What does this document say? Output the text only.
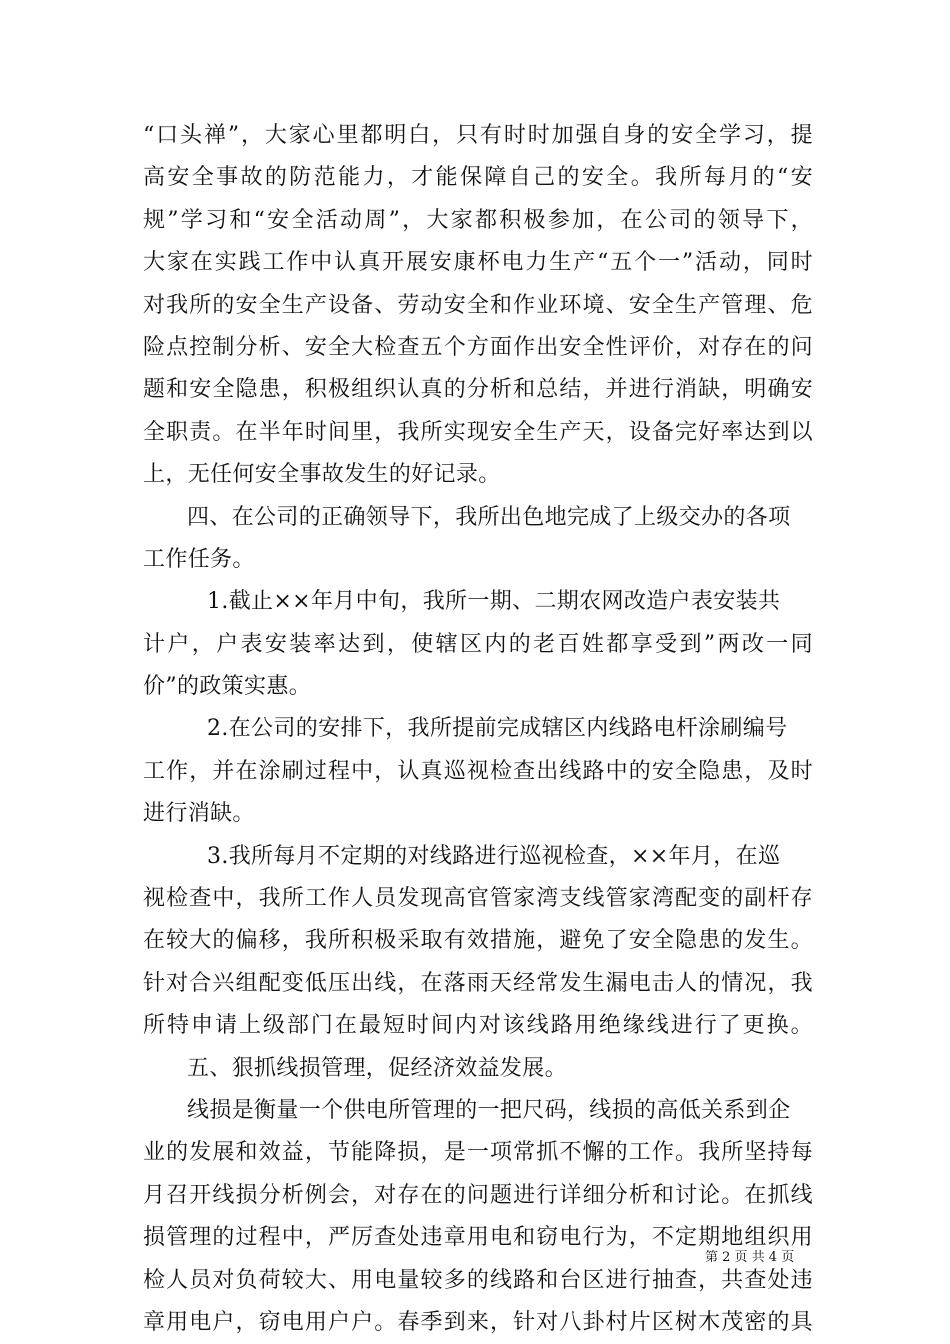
“口头禅”，大家心里都明白，只有时时加强自身的安全学习，提
高安全事故的防范能力，才能保障自己的安全。我所每月的“安
规”学习和“安全活动周”，大家都积极参加，在公司的领导下，
大家在实践工作中认真开展安康杯电力生产“五个一”活动，同时
对我所的安全生产设备、劳动安全和作业环境、安全生产管理、危
险点控制分析、安全大检查五个方面作出安全性评价，对存在的问
题和安全隐患，积极组织认真的分析和总结，并进行消缺，明确安
全职责。在半年时间里，我所实现安全生产天，设备完好率达到以
上，无任何安全事故发生的好记录。
四、在公司的正确领导下，我所出色地完成了上级交办的各项
工作任务。
1.截止××年月中旬，我所一期、二期农网改造户表安装共
计户，户表安装率达到，使辖区内的老百姓都享受到”两改一同
价”的政策实惠。
2.在公司的安排下，我所提前完成辖区内线路电杆涂刷编号
工作，并在涂刷过程中，认真巡视检查出线路中的安全隐患，及时
进行消缺。
3.我所每月不定期的对线路进行巡视检查，××年月，在巡
视检查中，我所工作人员发现高官管家湾支线管家湾配变的副杆存
在较大的偏移，我所积极采取有效措施，避免了安全隐患的发生。
针对合兴组配变低压出线，在落雨天经常发生漏电击人的情况，我
所特申请上级部门在最短时间内对该线路用绝缘线进行了更换。
五、狠抓线损管理，促经济效益发展。
线损是衡量一个供电所管理的一把尺码，线损的高低关系到企
业的发展和效益，节能降损，是一项常抓不懈的工作。我所坚持每
月召开线损分析例会，对存在的问题进行详细分析和讨论。在抓线
损管理的过程中，严厉查处违章用电和窃电行为，不定期地组织用
检人员对负荷较大、用电量较多的线路和台区进行抽查，共查处违
章用电户，窃电用户户。春季到来，针对八卦村片区树木茂密的具
第 2 页 共 4 页
